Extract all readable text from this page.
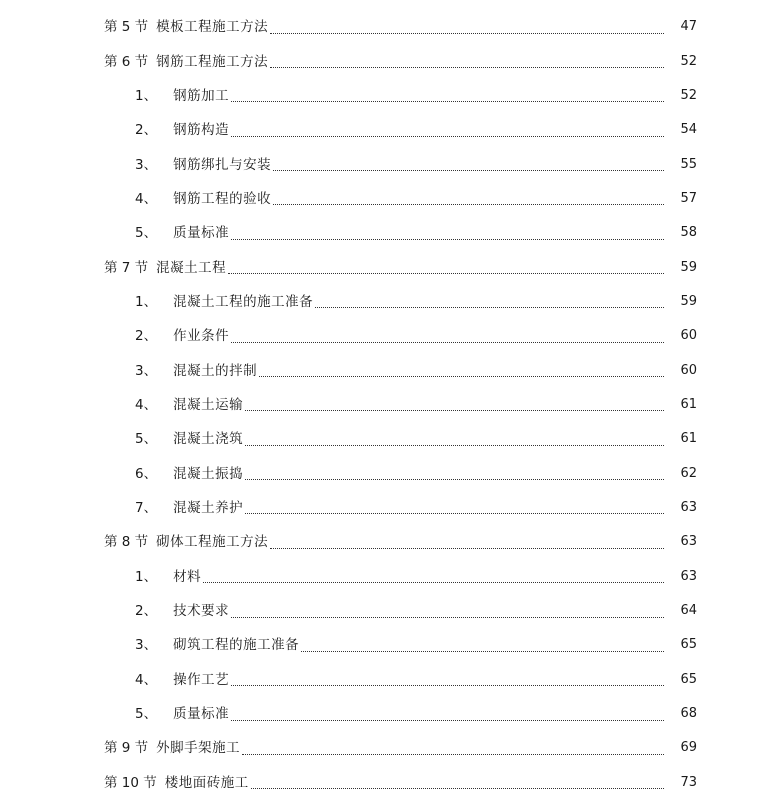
第 5 节 模板工程施工方法	47
第 6 节 钢筋工程施工方法	52
1、 钢筋加工	52
2、 钢筋构造	54
3、 钢筋绑扎与安装	55
4、 钢筋工程的验收	57
5、 质量标准	58
第 7 节 混凝土工程	59
1、 混凝土工程的施工准备	59
2、 作业条件	60
3、 混凝土的拌制	60
4、 混凝土运输	61
5、 混凝土浇筑	61
6、 混凝土振捣	62
7、 混凝土养护	63
第 8 节 砌体工程施工方法	63
1、 材料	63
2、 技术要求	64
3、 砌筑工程的施工准备	65
4、 操作工艺	65
5、 质量标准	68
第 9 节 外脚手架施工	69
第 10 节 楼地面砖施工	73
